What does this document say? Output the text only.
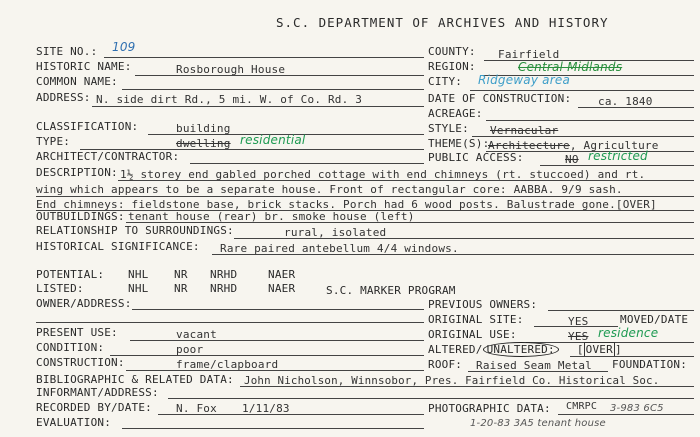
S.C. DEPARTMENT OF ARCHIVES AND HISTORY
SITE NO.: 109
HISTORIC NAME:	Rosborough House
COMMON NAME:
ADDRESS: N. side dirt Rd., 5 mi. W. of Co. Rd. 3
CLASSIFICATION:	building
TYPE:	dwelling residential
ARCHITECT/CONTRACTOR:
COUNTY: Fairfield
REGION:	Central Midlands
CITY: Ridgeway area
DATE OF CONSTRUCTION: ca. 1840
ACREAGE:
STYLE: Vernacular
THEME(S):
Architecture, Agriculture
PUBLIC ACCESS:	NO restricted
DESCRIPTION: 1½ storey end gabled porched cottage with end chimneys (rt. stuccoed) and rt.
wing which appears to be a separate house. Front of rectangular core: AABBA. 9/9 sash.
End chimneys: fieldstone base, brick stacks. Porch had 6 wood posts. Balustrade gone.[OVER]
OUTBUILDINGS: tenant house (rear) br. smoke house (left)
RELATIONSHIP TO SURROUNDINGS:	rural, isolated
HISTORICAL SIGNIFICANCE: Rare paired antebellum 4/4 windows.
POTENTIAL: NHL NR NRHD	NAER
LISTED:	NHL NR NRHD	NAER	S.C. MARKER PROGRAM
OWNER/ADDRESS:
PRESENT USE:	vacant
CONDITION:	poor
CONSTRUCTION:	frame/clapboard
PREVIOUS OWNERS:
ORIGINAL SITE:	YES	MOVED/DATE
ORIGINAL USE:	YES residence
ALTERED/ UNALTERED: [ OVER ]
ROOF: Raised Seam Metal FOUNDATION:
BIBLIOGRAPHIC & RELATED DATA: John Nicholson, Winnsobor, Pres. Fairfield Co. Historical Soc.
INFORMANT/ADDRESS:
RECORDED BY/DATE: N. Fox 1/11/83
EVALUATION:
PHOTOGRAPHIC DATA: CMRPC 3-983 6C5
1-20-83 3A5 tenant house
